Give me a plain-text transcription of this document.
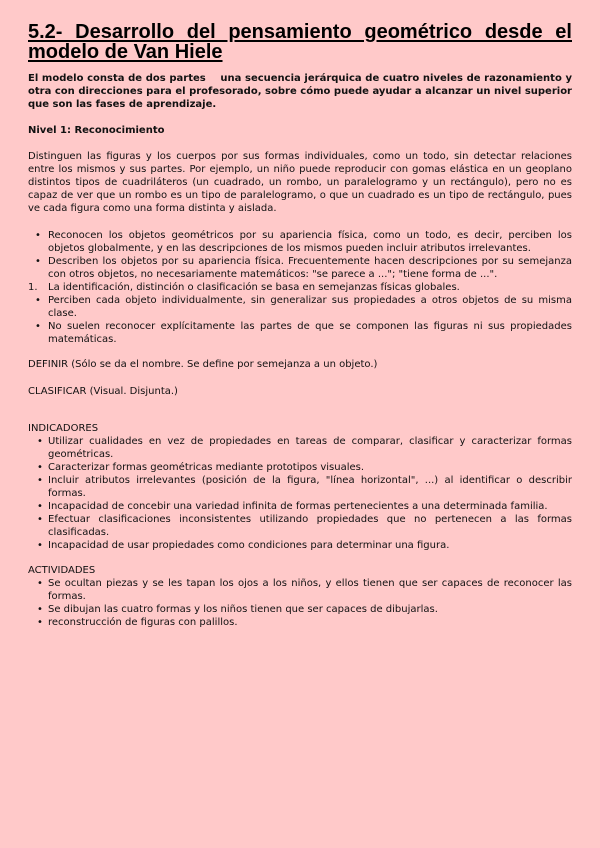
5.2- Desarrollo del pensamiento geométrico desde el modelo de Van Hiele

El modelo consta de dos partes    una secuencia jerárquica de cuatro niveles de razonamiento y otra con direcciones para el profesorado, sobre cómo puede ayudar a alcanzar un nivel superior que son las fases de aprendizaje.

Nivel 1: Reconocimiento

Distinguen las figuras y los cuerpos por sus formas individuales, como un todo, sin detectar relaciones entre los mismos y sus partes. Por ejemplo, un niño puede reproducir con gomas elástica en un geoplano distintos tipos de cuadriláteros (un cuadrado, un rombo, un paralelogramo y un rectángulo), pero no es capaz de ver que un rombo es un tipo de paralelogramo, o que un cuadrado es un tipo de rectángulo, pues ve cada figura como una forma distinta y aislada.

• Reconocen los objetos geométricos por su apariencia física, como un todo, es decir, perciben los objetos globalmente, y en las descripciones de los mismos pueden incluir atributos irrelevantes.
• Describen los objetos por su apariencia física. Frecuentemente hacen descripciones por su semejanza con otros objetos, no necesariamente matemáticos: "se parece a ..."; "tiene forma de ...".
1. La identificación, distinción o clasificación se basa en semejanzas físicas globales.
• Perciben cada objeto individualmente, sin generalizar sus propiedades a otros objetos de su misma clase.
• No suelen reconocer explícitamente las partes de que se componen las figuras ni sus propiedades matemáticas.

DEFINIR (Sólo se da el nombre. Se define por semejanza a un objeto.)

CLASIFICAR (Visual. Disjunta.)

INDICADORES

• Utilizar cualidades en vez de propiedades en tareas de comparar, clasificar y caracterizar formas geométricas.
• Caracterizar formas geométricas mediante prototipos visuales.
• Incluir atributos irrelevantes (posición de la figura, "línea horizontal", ...) al identificar o describir formas.
• Incapacidad de concebir una variedad infinita de formas pertenecientes a una determinada familia.
• Efectuar clasificaciones inconsistentes utilizando propiedades que no pertenecen a las formas clasificadas.
• Incapacidad de usar propiedades como condiciones para determinar una figura.

ACTIVIDADES

• Se ocultan piezas y se les tapan los ojos a los niños, y ellos tienen que ser capaces de reconocer las formas.
• Se dibujan las cuatro formas y los niños tienen que ser capaces de dibujarlas.
• reconstrucción de figuras con palillos.
